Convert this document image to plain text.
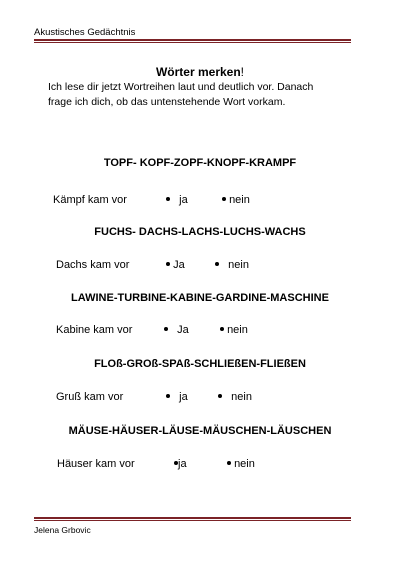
Akustisches Gedächtnis
Wörter merken!
Ich lese dir jetzt Wortreihen laut und deutlich vor. Danach
frage ich dich, ob das untenstehende Wort vorkam.
TOPF- KOPF-ZOPF-KNOPF-KRAMPF
Kämpf kam vor	ja	nein
FUCHS- DACHS-LACHS-LUCHS-WACHS
Dachs kam vor	Ja	nein
LAWINE-TURBINE-KABINE-GARDINE-MASCHINE
Kabine kam vor	Ja	nein
FLOß-GROß-SPAß-SCHLIEßEN-FLIEßEN
Gruß kam vor	ja	nein
MÄUSE-HÄUSER-LÄUSE-MÄUSCHEN-LÄUSCHEN
Häuser kam vor	ja	nein
Jelena Grbovic
